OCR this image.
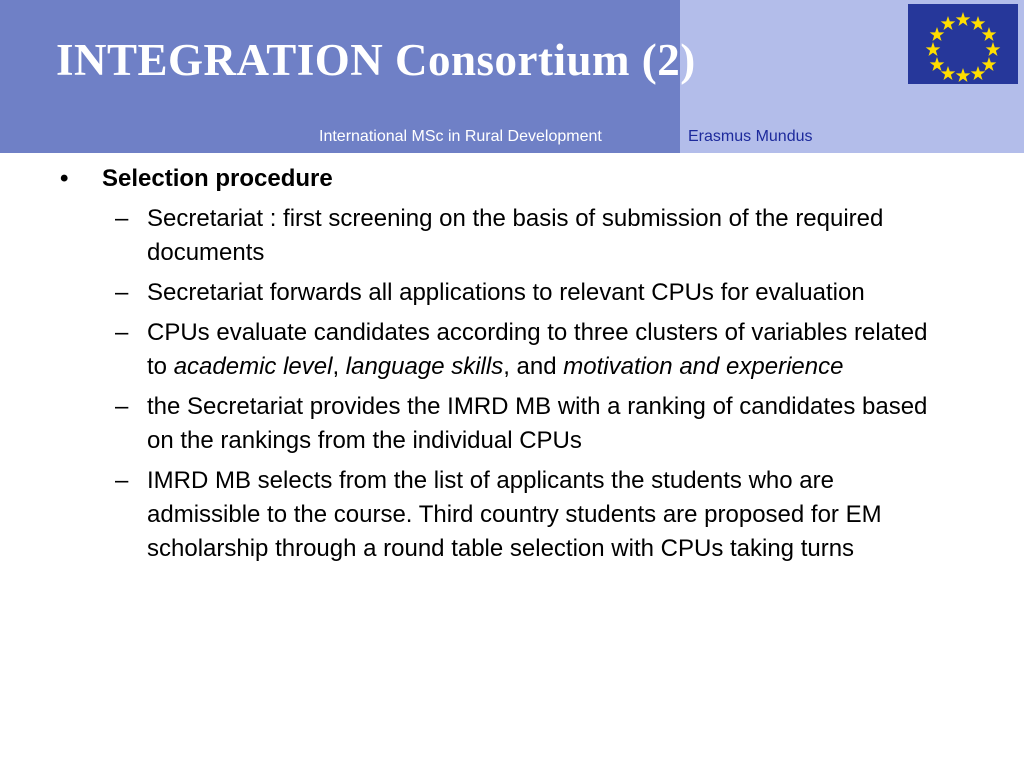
INTEGRATION Consortium (2)
International MSc in Rural Development	Erasmus Mundus
• Selection procedure
– Secretariat : first screening on the basis of submission of the required documents
– Secretariat forwards all applications to relevant CPUs for evaluation
– CPUs evaluate candidates according to three clusters of variables related to academic level, language skills, and motivation and experience
– the Secretariat provides the IMRD MB with a ranking of candidates based on the rankings from the individual CPUs
– IMRD MB selects from the list of applicants the students who are admissible to the course. Third country students are proposed for EM scholarship through a round table selection with CPUs taking turns
